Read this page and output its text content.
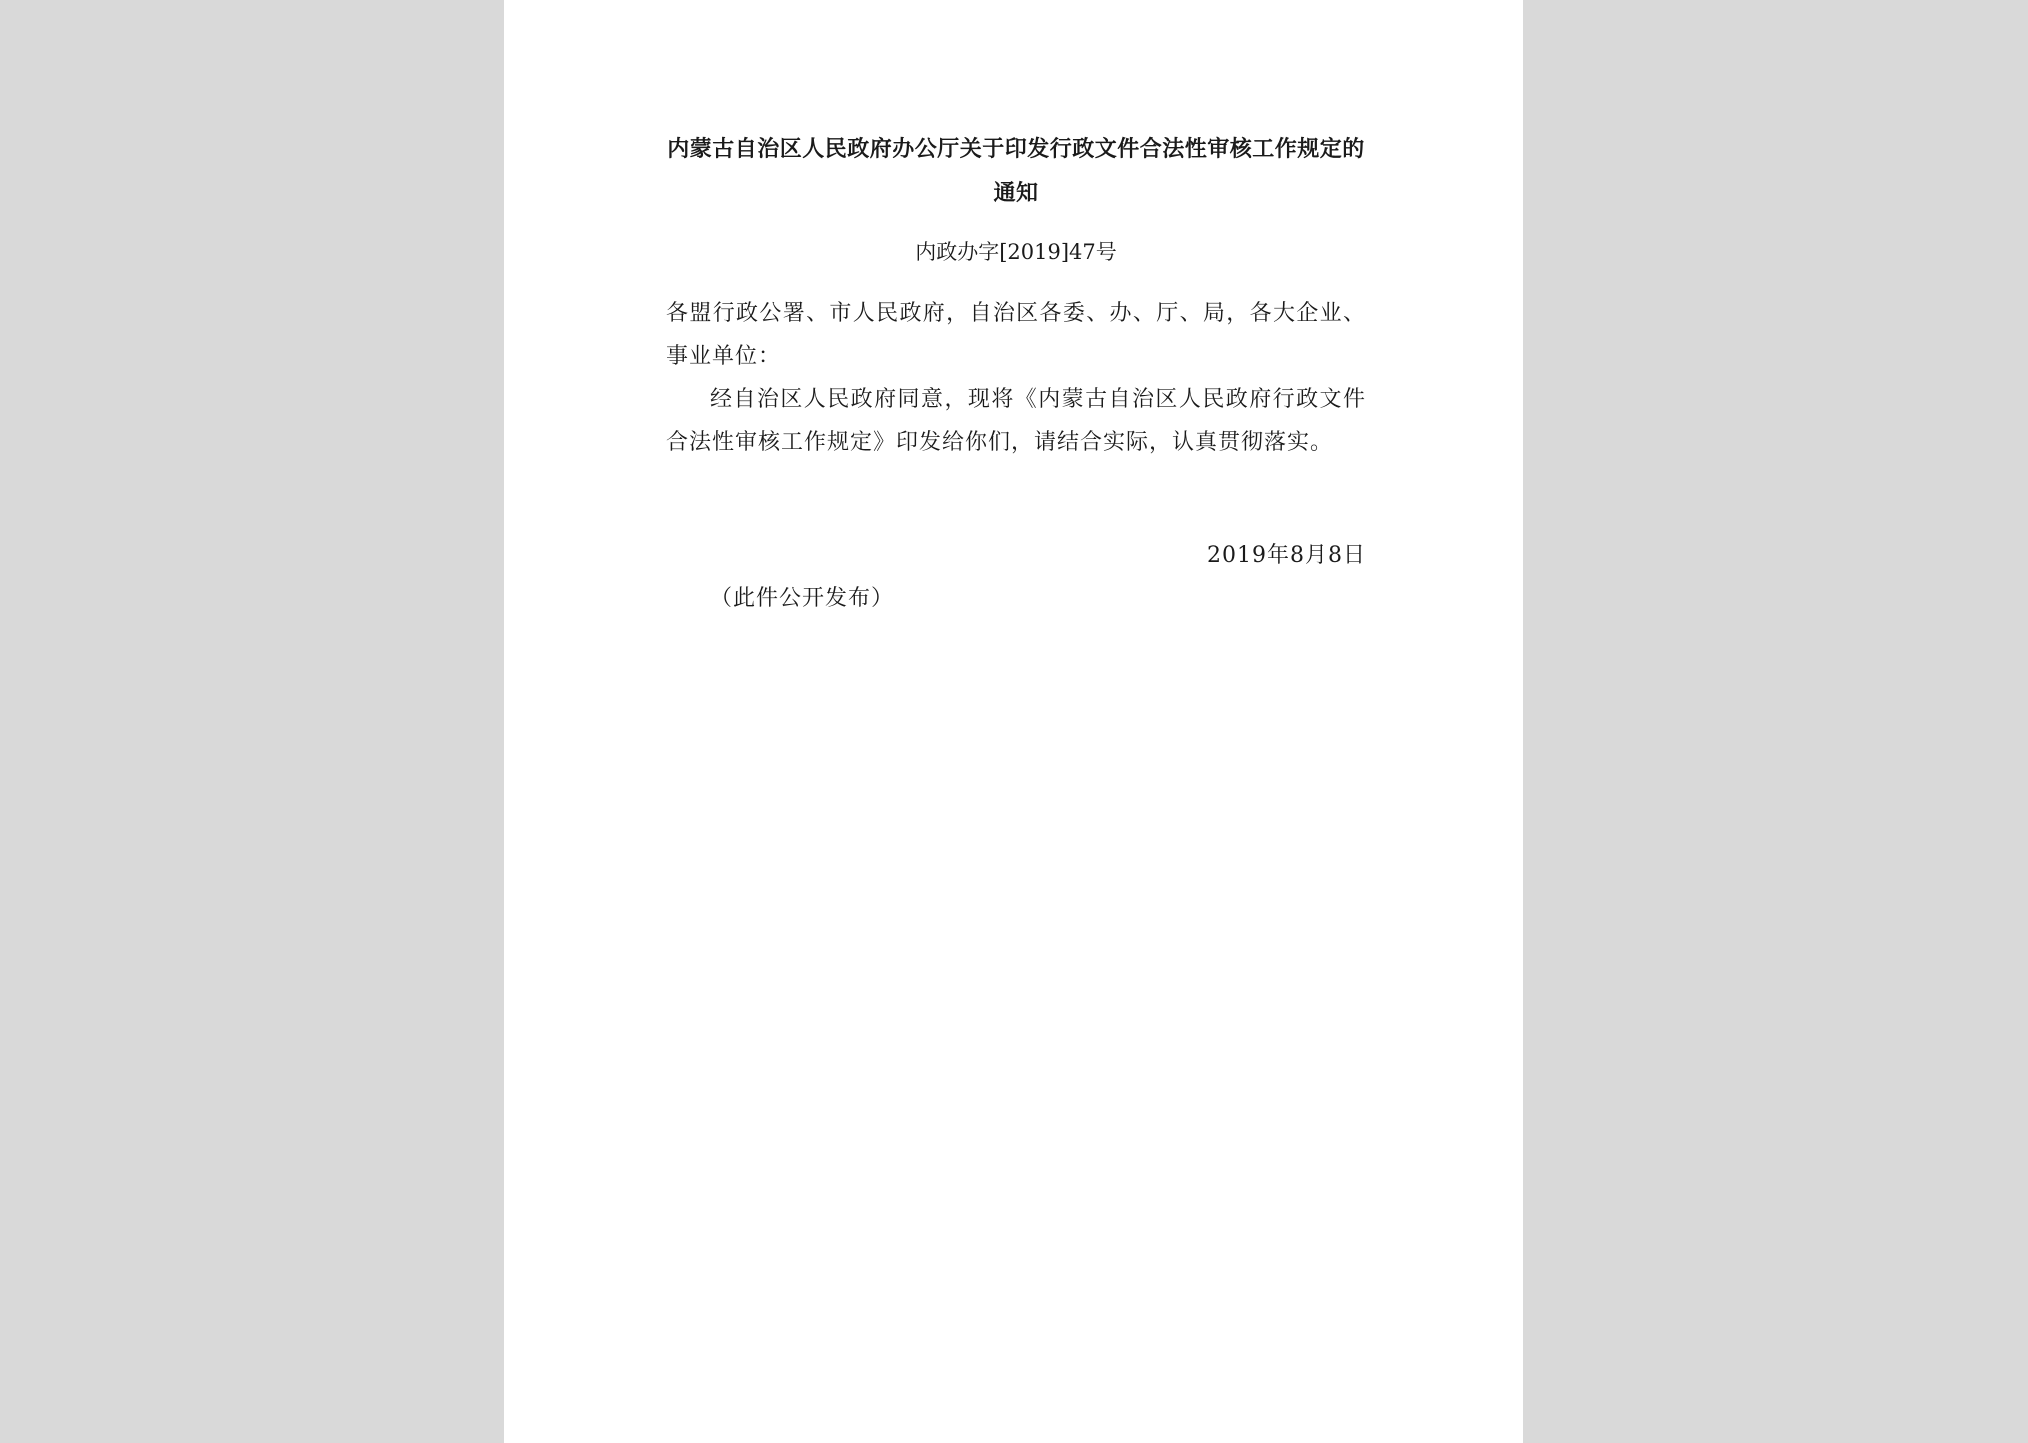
内蒙古自治区人民政府办公厅关于印发行政文件合法性审核工作规定的通知

内政办字[2019]47号

各盟行政公署、市人民政府，自治区各委、办、厅、局，各大企业、事业单位：

经自治区人民政府同意，现将《内蒙古自治区人民政府行政文件合法性审核工作规定》印发给你们，请结合实际，认真贯彻落实。

2019年8月8日

（此件公开发布）
